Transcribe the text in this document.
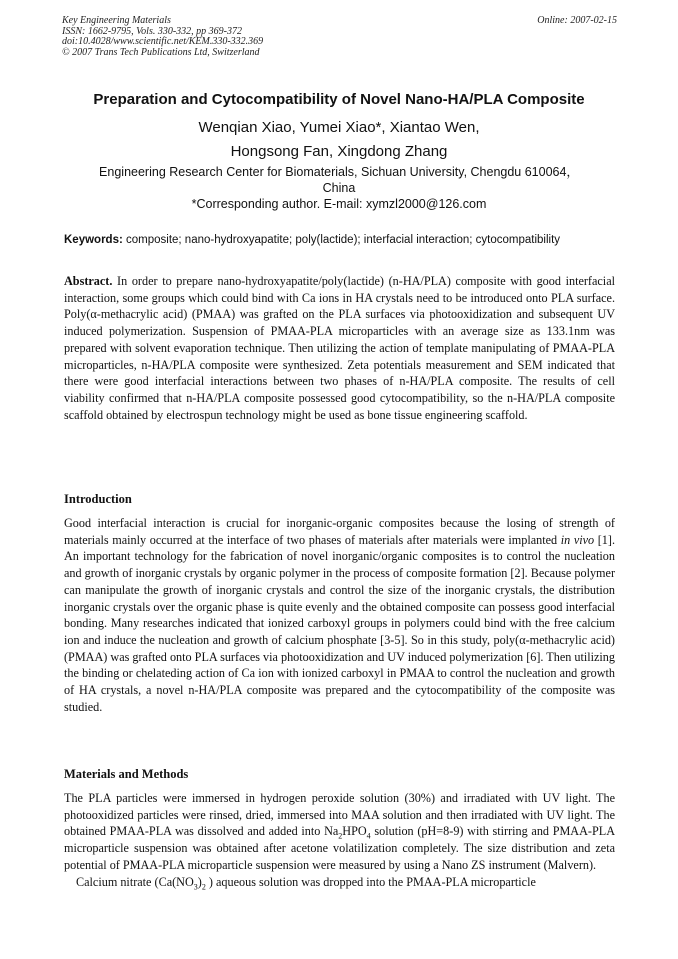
Key Engineering Materials
ISSN: 1662-9795, Vols. 330-332, pp 369-372
doi:10.4028/www.scientific.net/KEM.330-332.369
© 2007 Trans Tech Publications Ltd, Switzerland
Online: 2007-02-15
Preparation and Cytocompatibility of Novel Nano-HA/PLA Composite
Wenqian Xiao, Yumei Xiao*, Xiantao Wen,
Hongsong Fan, Xingdong Zhang
Engineering Research Center for Biomaterials, Sichuan University, Chengdu 610064，
China
*Corresponding author. E-mail: xymzl2000@126.com
Keywords: composite; nano-hydroxyapatite; poly(lactide); interfacial interaction; cytocompatibility
Abstract. In order to prepare nano-hydroxyapatite/poly(lactide) (n-HA/PLA) composite with good interfacial interaction, some groups which could bind with Ca ions in HA crystals need to be introduced onto PLA surface. Poly(α-methacrylic acid) (PMAA) was grafted on the PLA surfaces via photooxidization and subsequent UV induced polymerization. Suspension of PMAA-PLA microparticles with an average size as 133.1nm was prepared with solvent evaporation technique. Then utilizing the action of template manipulating of PMAA-PLA microparticles, n-HA/PLA composite were synthesized. Zeta potentials measurement and SEM indicated that there were good interfacial interactions between two phases of n-HA/PLA composite. The results of cell viability confirmed that n-HA/PLA composite possessed good cytocompatibility, so the n-HA/PLA composite scaffold obtained by electrospun technology might be used as bone tissue engineering scaffold.
Introduction
Good interfacial interaction is crucial for inorganic-organic composites because the losing of strength of materials mainly occurred at the interface of two phases of materials after materials were implanted in vivo [1]. An important technology for the fabrication of novel inorganic/organic composites is to control the nucleation and growth of inorganic crystals by organic polymer in the process of composite formation [2]. Because polymer can manipulate the growth of inorganic crystals and control the size of the inorganic crystals, the distribution inorganic crystals over the organic phase is quite evenly and the obtained composite can possess good interfacial bonding. Many researches indicated that ionized carboxyl groups in polymers could bind with the free calcium ion and induce the nucleation and growth of calcium phosphate [3-5]. So in this study, poly(α-methacrylic acid) (PMAA) was grafted onto PLA surfaces via photooxidization and UV induced polymerization [6]. Then utilizing the binding or chelateding action of Ca ion with ionized carboxyl in PMAA to control the nucleation and growth of HA crystals, a novel n-HA/PLA composite was prepared and the cytocompatibility of the composite was studied.
Materials and Methods

The PLA particles were immersed in hydrogen peroxide solution (30%) and irradiated with UV light. The photooxidized particles were rinsed, dried, immersed into MAA solution and then irradiated with UV light. The obtained PMAA-PLA was dissolved and added into $Na_2HPO_4$ solution (pH=8-9) with stirring and PMAA-PLA microparticle suspension was obtained after acetone volatilization completely. The size distribution and zeta potential of PMAA-PLA microparticle suspension were measured by using a Nano ZS instrument (Malvern).

Calcium nitrate ($Ca(NO_3)_2$ ) aqueous solution was dropped into the PMAA-PLA microparticle
